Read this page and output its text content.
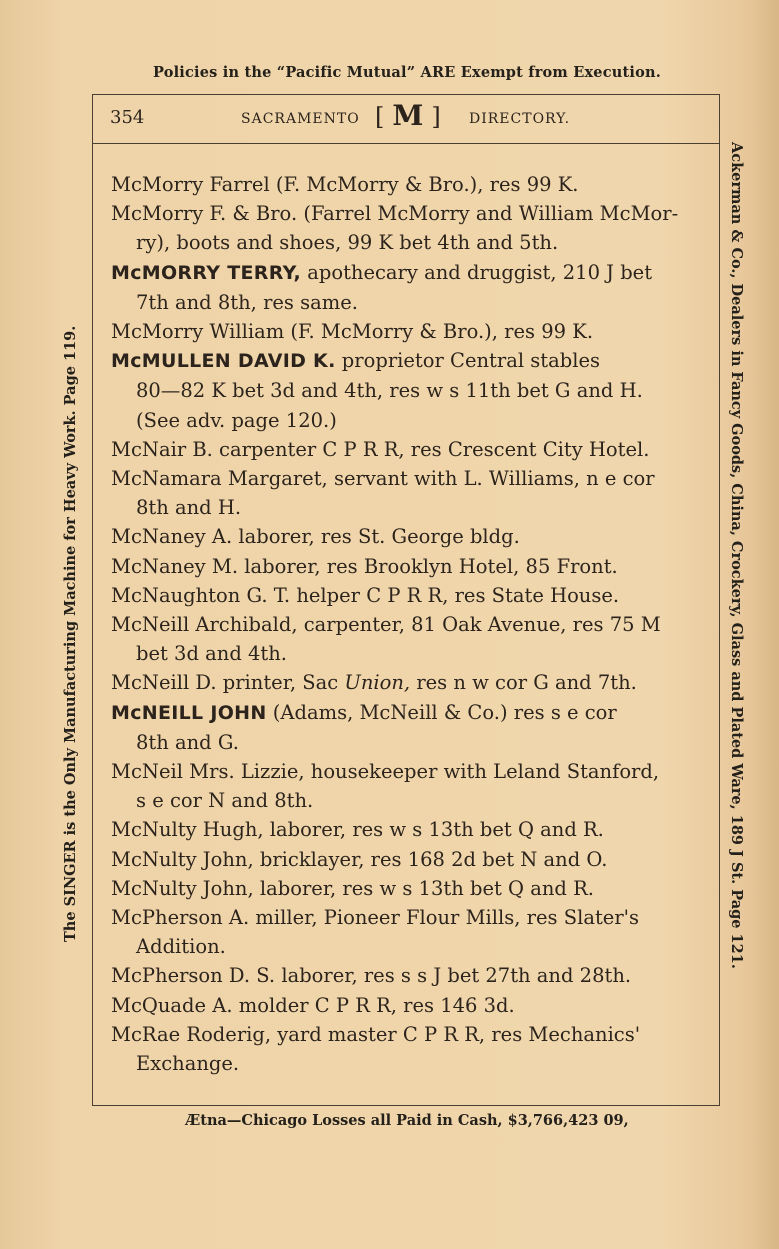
Policies in the “Pacific Mutual” ARE Exempt from Execution.
The SINGER is the Only Manufacturing Machine for Heavy Work. Page 119.	Ackerman & Co., Dealers in Fancy Goods, China, Crockery, Glass and Plated Ware, 189 J St. Page 121.
354	SACRAMENTO [ M ] DIRECTORY.
McMorry Farrel (F. McMorry & Bro.), res 99 K.
McMorry F. & Bro. (Farrel McMorry and William McMor-
ry), boots and shoes, 99 K bet 4th and 5th.
McMORRY TERRY, apothecary and druggist, 210 J bet
7th and 8th, res same.
McMorry William (F. McMorry & Bro.), res 99 K.
McMULLEN DAVID K. proprietor Central stables
80—82 K bet 3d and 4th, res w s 11th bet G and H.
(See adv. page 120.)
McNair B. carpenter C P R R, res Crescent City Hotel.
McNamara Margaret, servant with L. Williams, n e cor
8th and H.
McNaney A. laborer, res St. George bldg.
McNaney M. laborer, res Brooklyn Hotel, 85 Front.
McNaughton G. T. helper C P R R, res State House.
McNeill Archibald, carpenter, 81 Oak Avenue, res 75 M
bet 3d and 4th.
McNeill D. printer, Sac Union, res n w cor G and 7th.
McNEILL JOHN (Adams, McNeill & Co.) res s e cor
8th and G.
McNeil Mrs. Lizzie, housekeeper with Leland Stanford,
s e cor N and 8th.
McNulty Hugh, laborer, res w s 13th bet Q and R.
McNulty John, bricklayer, res 168 2d bet N and O.
McNulty John, laborer, res w s 13th bet Q and R.
McPherson A. miller, Pioneer Flour Mills, res Slater's
Addition.
McPherson D. S. laborer, res s s J bet 27th and 28th.
McQuade A. molder C P R R, res 146 3d.
McRae Roderig, yard master C P R R, res Mechanics'
Exchange.
Ætna—Chicago Losses all Paid in Cash, $3,766,423 09,
